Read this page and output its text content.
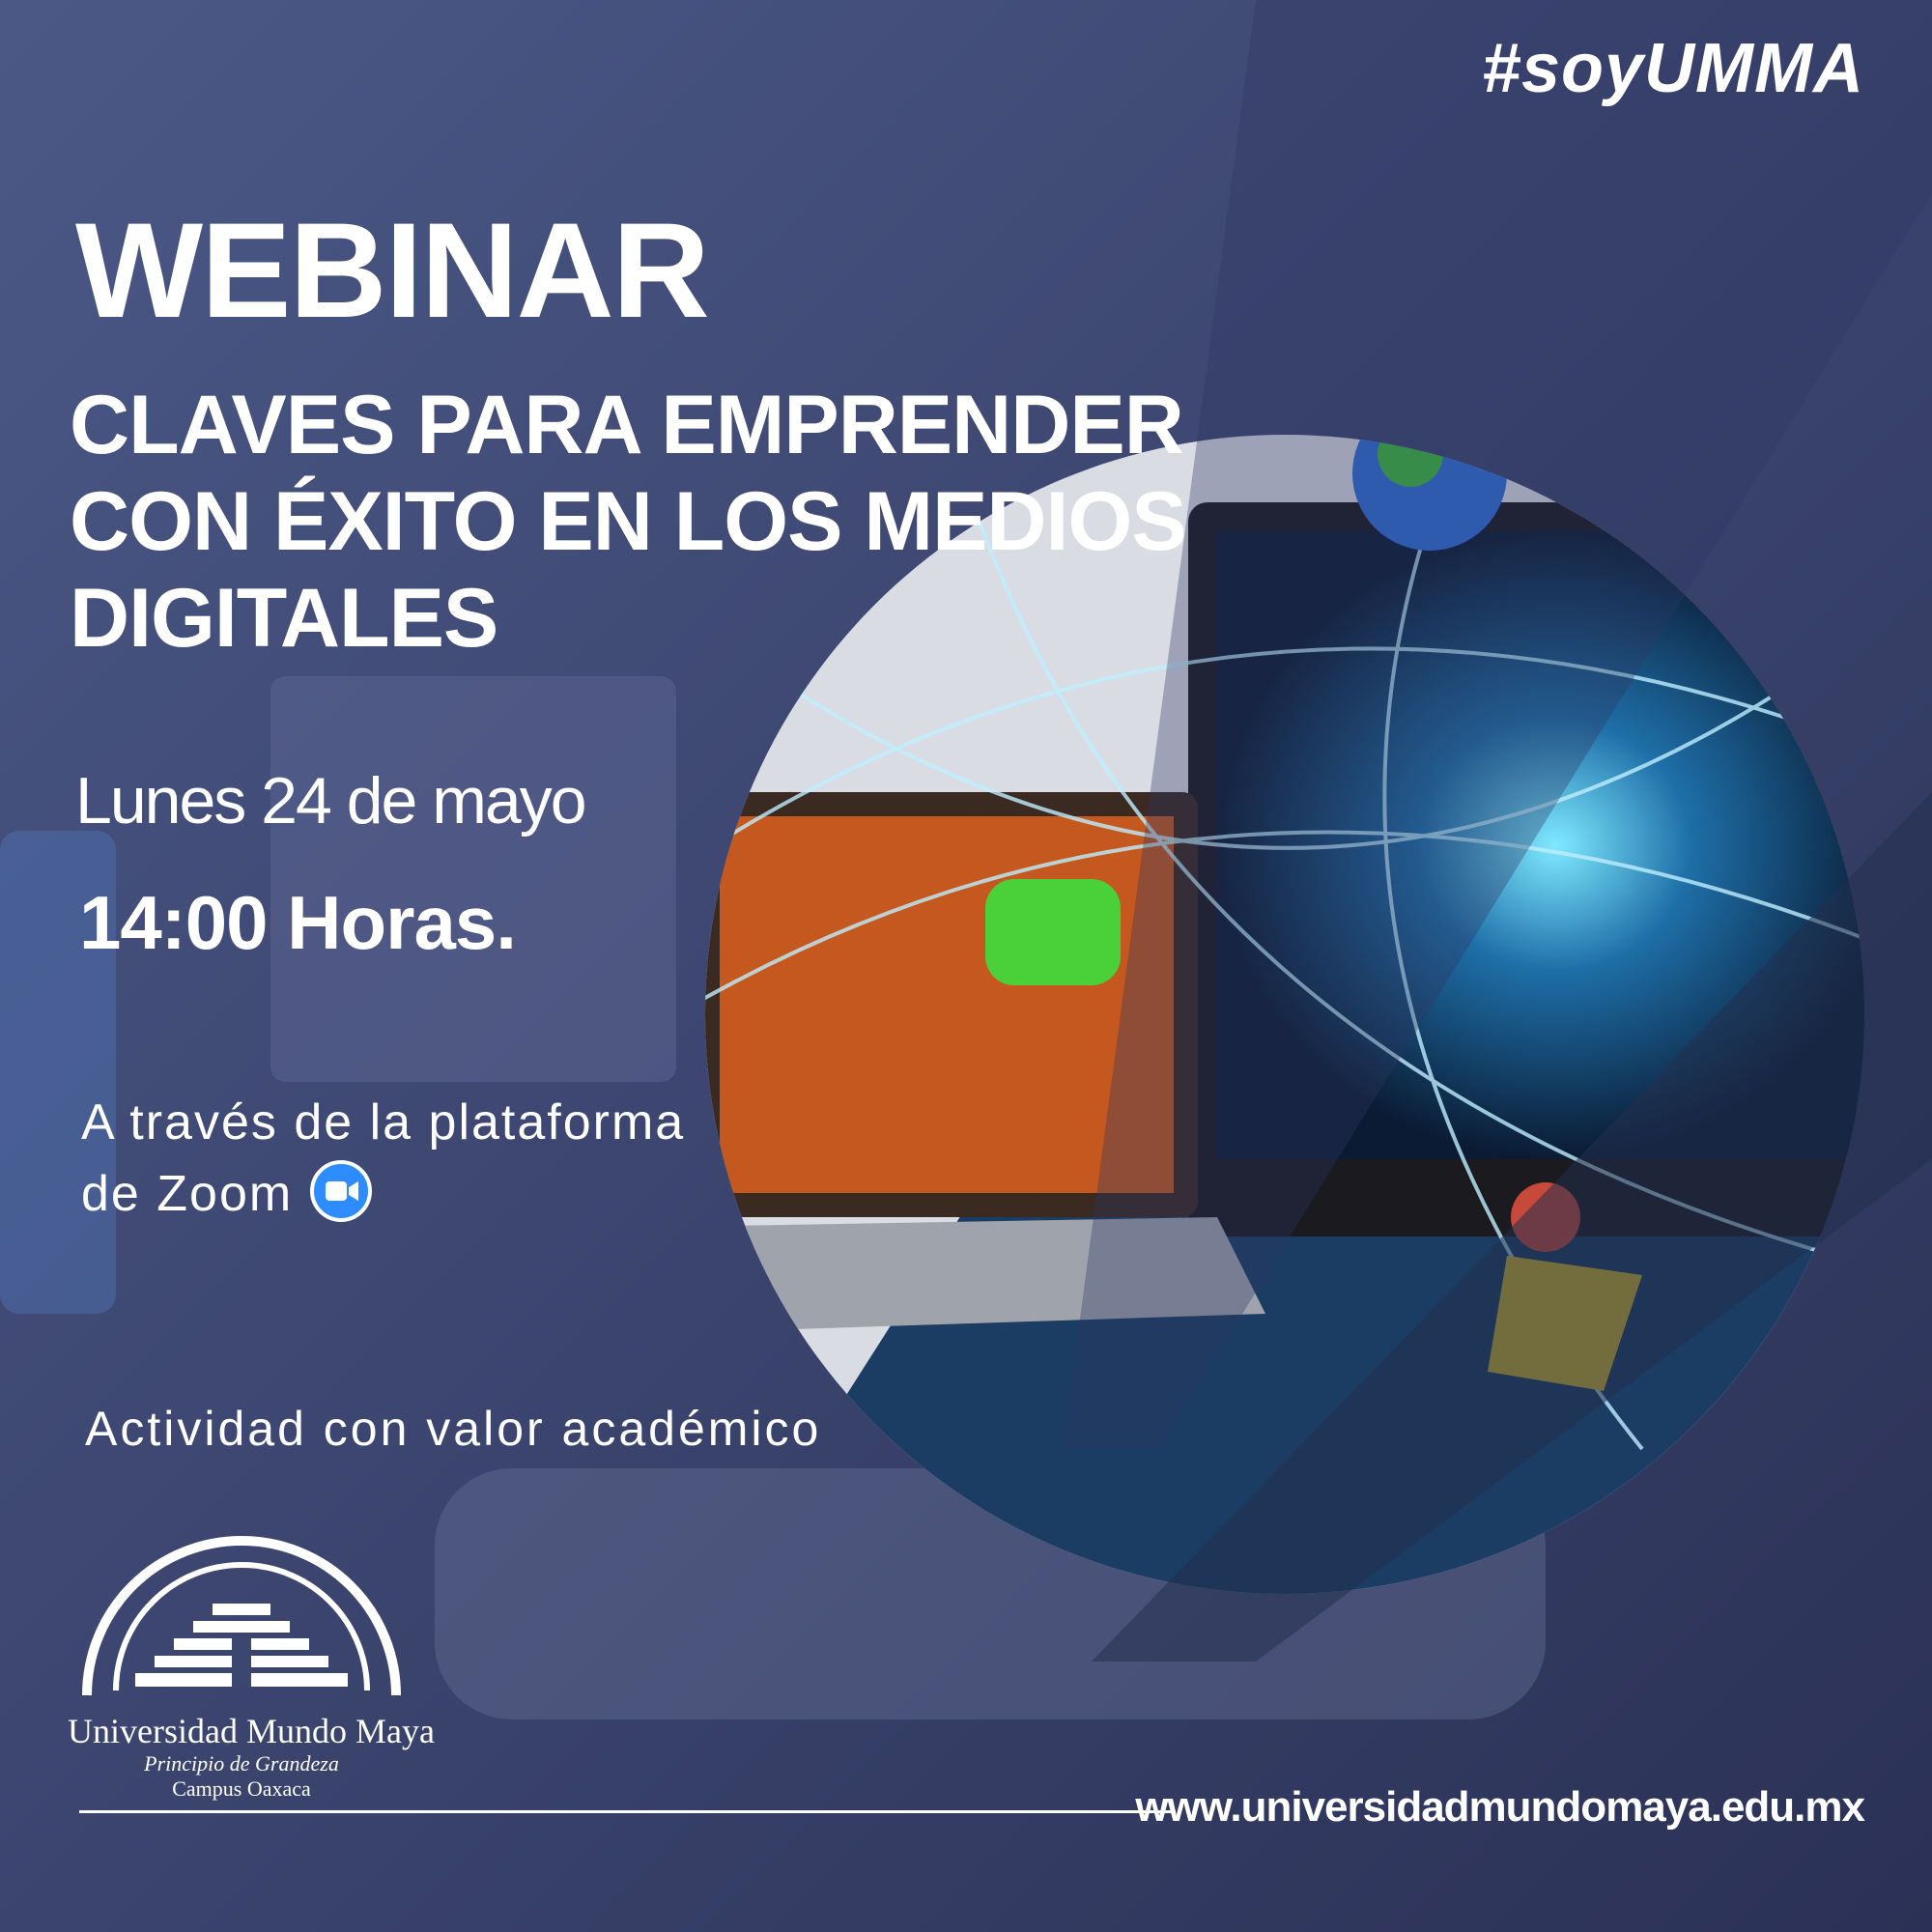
#soyUMMA
WEBINAR
CLAVES PARA EMPRENDER
CON ÉXITO EN LOS MEDIOS
DIGITALES
Lunes 24 de mayo
14:00 Horas.
A través de la plataforma
de Zoom
Actividad con valor académico
Universidad Mundo Maya
Principio de Grandeza
Campus Oaxaca	www.universidadmundomaya.edu.mx
